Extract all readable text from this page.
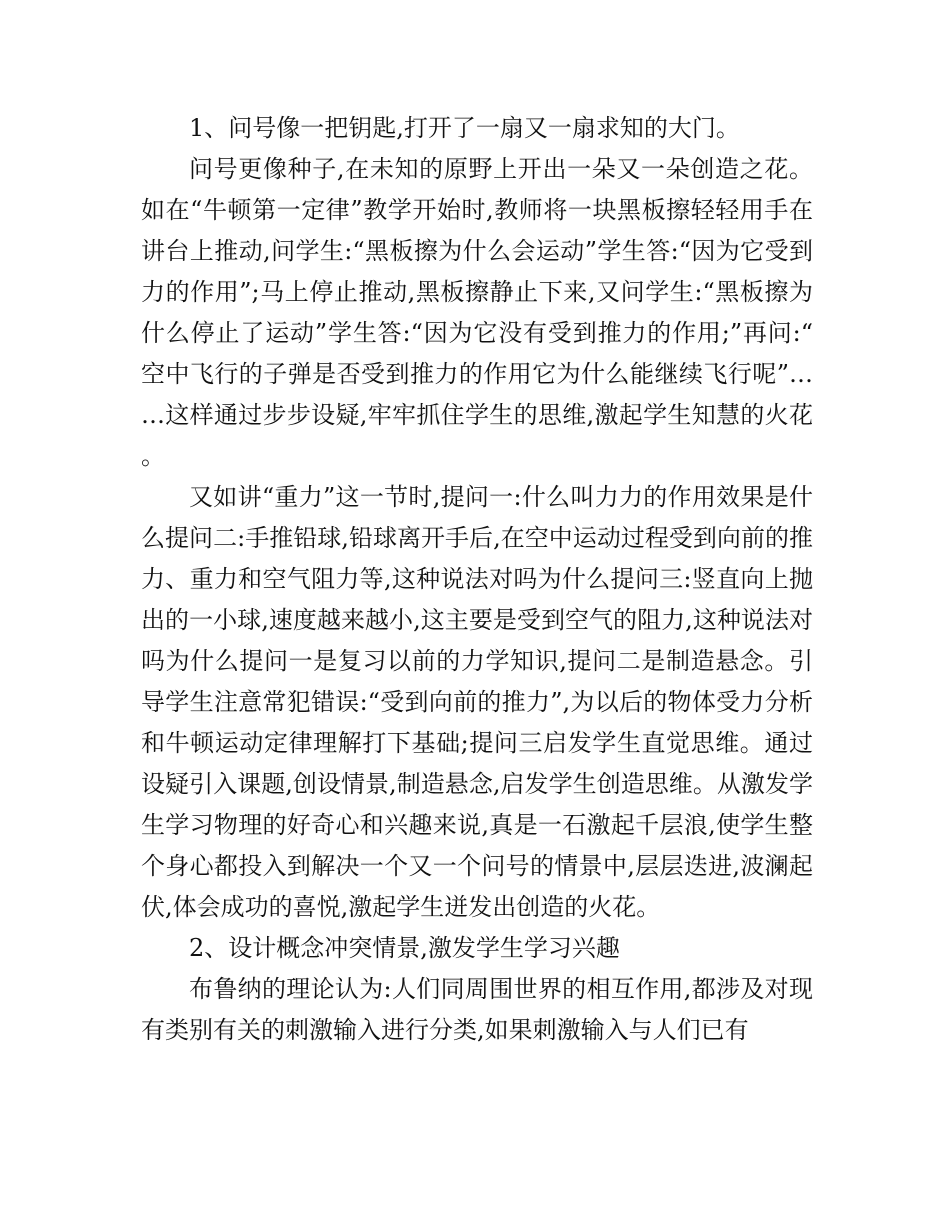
1、问号像一把钥匙,打开了一扇又一扇求知的大门。

问号更像种子,在未知的原野上开出一朵又一朵创造之花。如在“牛顿第一定律”教学开始时,教师将一块黑板擦轻轻用手在讲台上推动,问学生:“黑板擦为什么会运动”学生答:“因为它受到力的作用”;马上停止推动,黑板擦静止下来,又问学生:“黑板擦为什么停止了运动”学生答:“因为它没有受到推力的作用;”再问:“空中飞行的子弹是否受到推力的作用它为什么能继续飞行呢”……这样通过步步设疑,牢牢抓住学生的思维,激起学生知慧的火花。

又如讲“重力”这一节时,提问一:什么叫力力的作用效果是什么提问二:手推铅球,铅球离开手后,在空中运动过程受到向前的推力、重力和空气阻力等,这种说法对吗为什么提问三:竖直向上抛出的一小球,速度越来越小,这主要是受到空气的阻力,这种说法对吗为什么提问一是复习以前的力学知识,提问二是制造悬念。引导学生注意常犯错误:“受到向前的推力”,为以后的物体受力分析和牛顿运动定律理解打下基础;提问三启发学生直觉思维。通过设疑引入课题,创设情景,制造悬念,启发学生创造思维。从激发学生学习物理的好奇心和兴趣来说,真是一石激起千层浪,使学生整个身心都投入到解决一个又一个问号的情景中,层层迭进,波澜起伏,体会成功的喜悦,激起学生迸发出创造的火花。

2、设计概念冲突情景,激发学生学习兴趣

布鲁纳的理论认为:人们同周围世界的相互作用,都涉及对现有类别有关的刺激输入进行分类,如果刺激输入与人们已有
